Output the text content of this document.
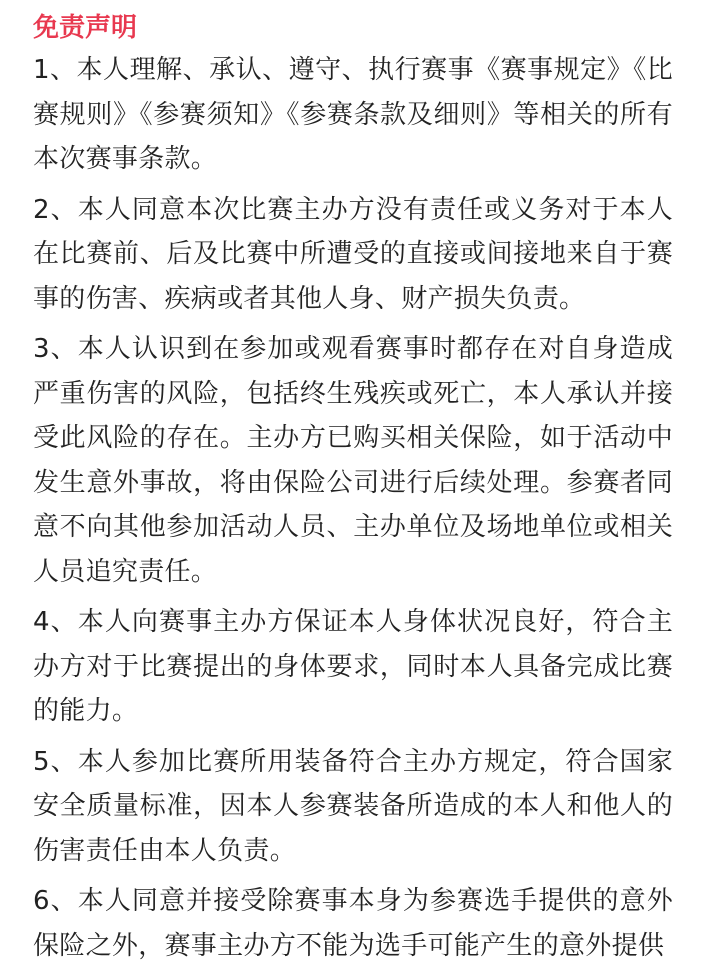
免责声明

1、本人理解、承认、遵守、执行赛事《赛事规定》《比赛规则》《参赛须知》《参赛条款及细则》等相关的所有本次赛事条款。

2、本人同意本次比赛主办方没有责任或义务对于本人在比赛前、后及比赛中所遭受的直接或间接地来自于赛事的伤害、疾病或者其他人身、财产损失负责。

3、本人认识到在参加或观看赛事时都存在对自身造成严重伤害的风险，包括终生残疾或死亡，本人承认并接受此风险的存在。主办方已购买相关保险，如于活动中发生意外事故，将由保险公司进行后续处理。参赛者同意不向其他参加活动人员、主办单位及场地单位或相关人员追究责任。

4、本人向赛事主办方保证本人身体状况良好，符合主办方对于比赛提出的身体要求，同时本人具备完成比赛的能力。

5、本人参加比赛所用装备符合主办方规定，符合国家安全质量标准，因本人参赛装备所造成的本人和他人的伤害责任由本人负责。

6、本人同意并接受除赛事本身为参赛选手提供的意外保险之外，赛事主办方不能为选手可能产生的意外提供
